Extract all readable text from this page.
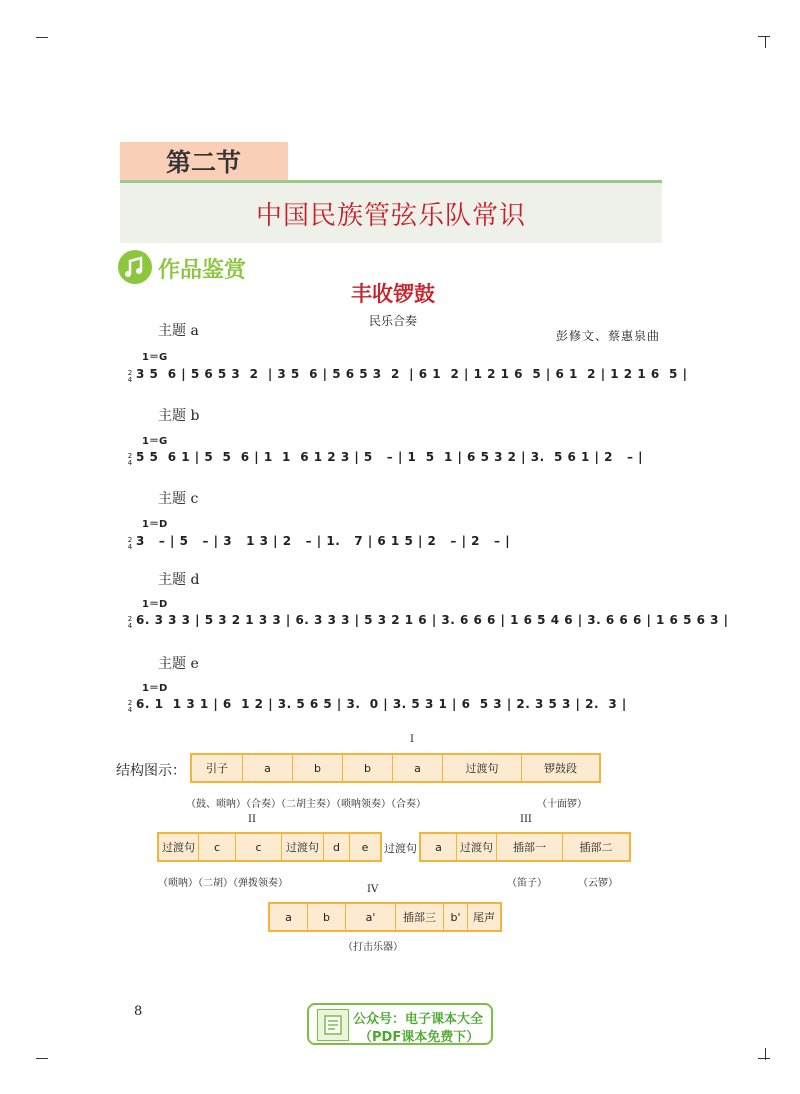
第二节
中国民族管弦乐队常识
作品鉴赏
丰收锣鼓
民乐合奏
彭修文、蔡惠泉曲
主题 a
1＝G
2
4 3 5  6 | 5 6 5 3  2  | 3 5  6 | 5 6 5 3  2  | 6 1  2 | 1 2 1 6  5 | 6 1  2 | 1 2 1 6  5 |
主题 b
1＝G
2
4 5 5  6 1 | 5  5  6 | 1  1  6 1 2 3 | 5   – | 1  5  1 | 6 5 3 2 | 3.  5 6 1 | 2   – |
主题 c
1＝D
2
4 3   – | 5   – | 3   1 3 | 2   – | 1.   7 | 6 1 5 | 2   – | 2   – |
主题 d
1＝D
2
4 6. 3 3 3 | 5 3 2 1 3 3 | 6. 3 3 3 | 5 3 2 1 6 | 3. 6 6 6 | 1 6 5 4 6 | 3. 6 6 6 | 1 6 5 6 3 |
主题 e
1＝D
2
4 6. 1  1 3 1 | 6  1 2 | 3. 5 6 5 | 3.  0 | 3. 5 3 1 | 6  5 3 | 2. 3 5 3 | 2.  3 |
I
结构图示：	引子	a	b	b	a	过渡句	锣鼓段
（鼓、唢呐）（合奏）（二胡主奏）（唢呐领奏）（合奏）	（十面锣）
II	III
过渡句	c	c	过渡句	d	e	过渡句	a	过渡句	插部一	插部二
（唢呐）（二胡）（弹拨领奏）	（笛子）	（云锣）
IV
a	b	a'	插部三	b'	尾声
（打击乐器）
8
公众号：电子课本大全
（PDF课本免费下）
